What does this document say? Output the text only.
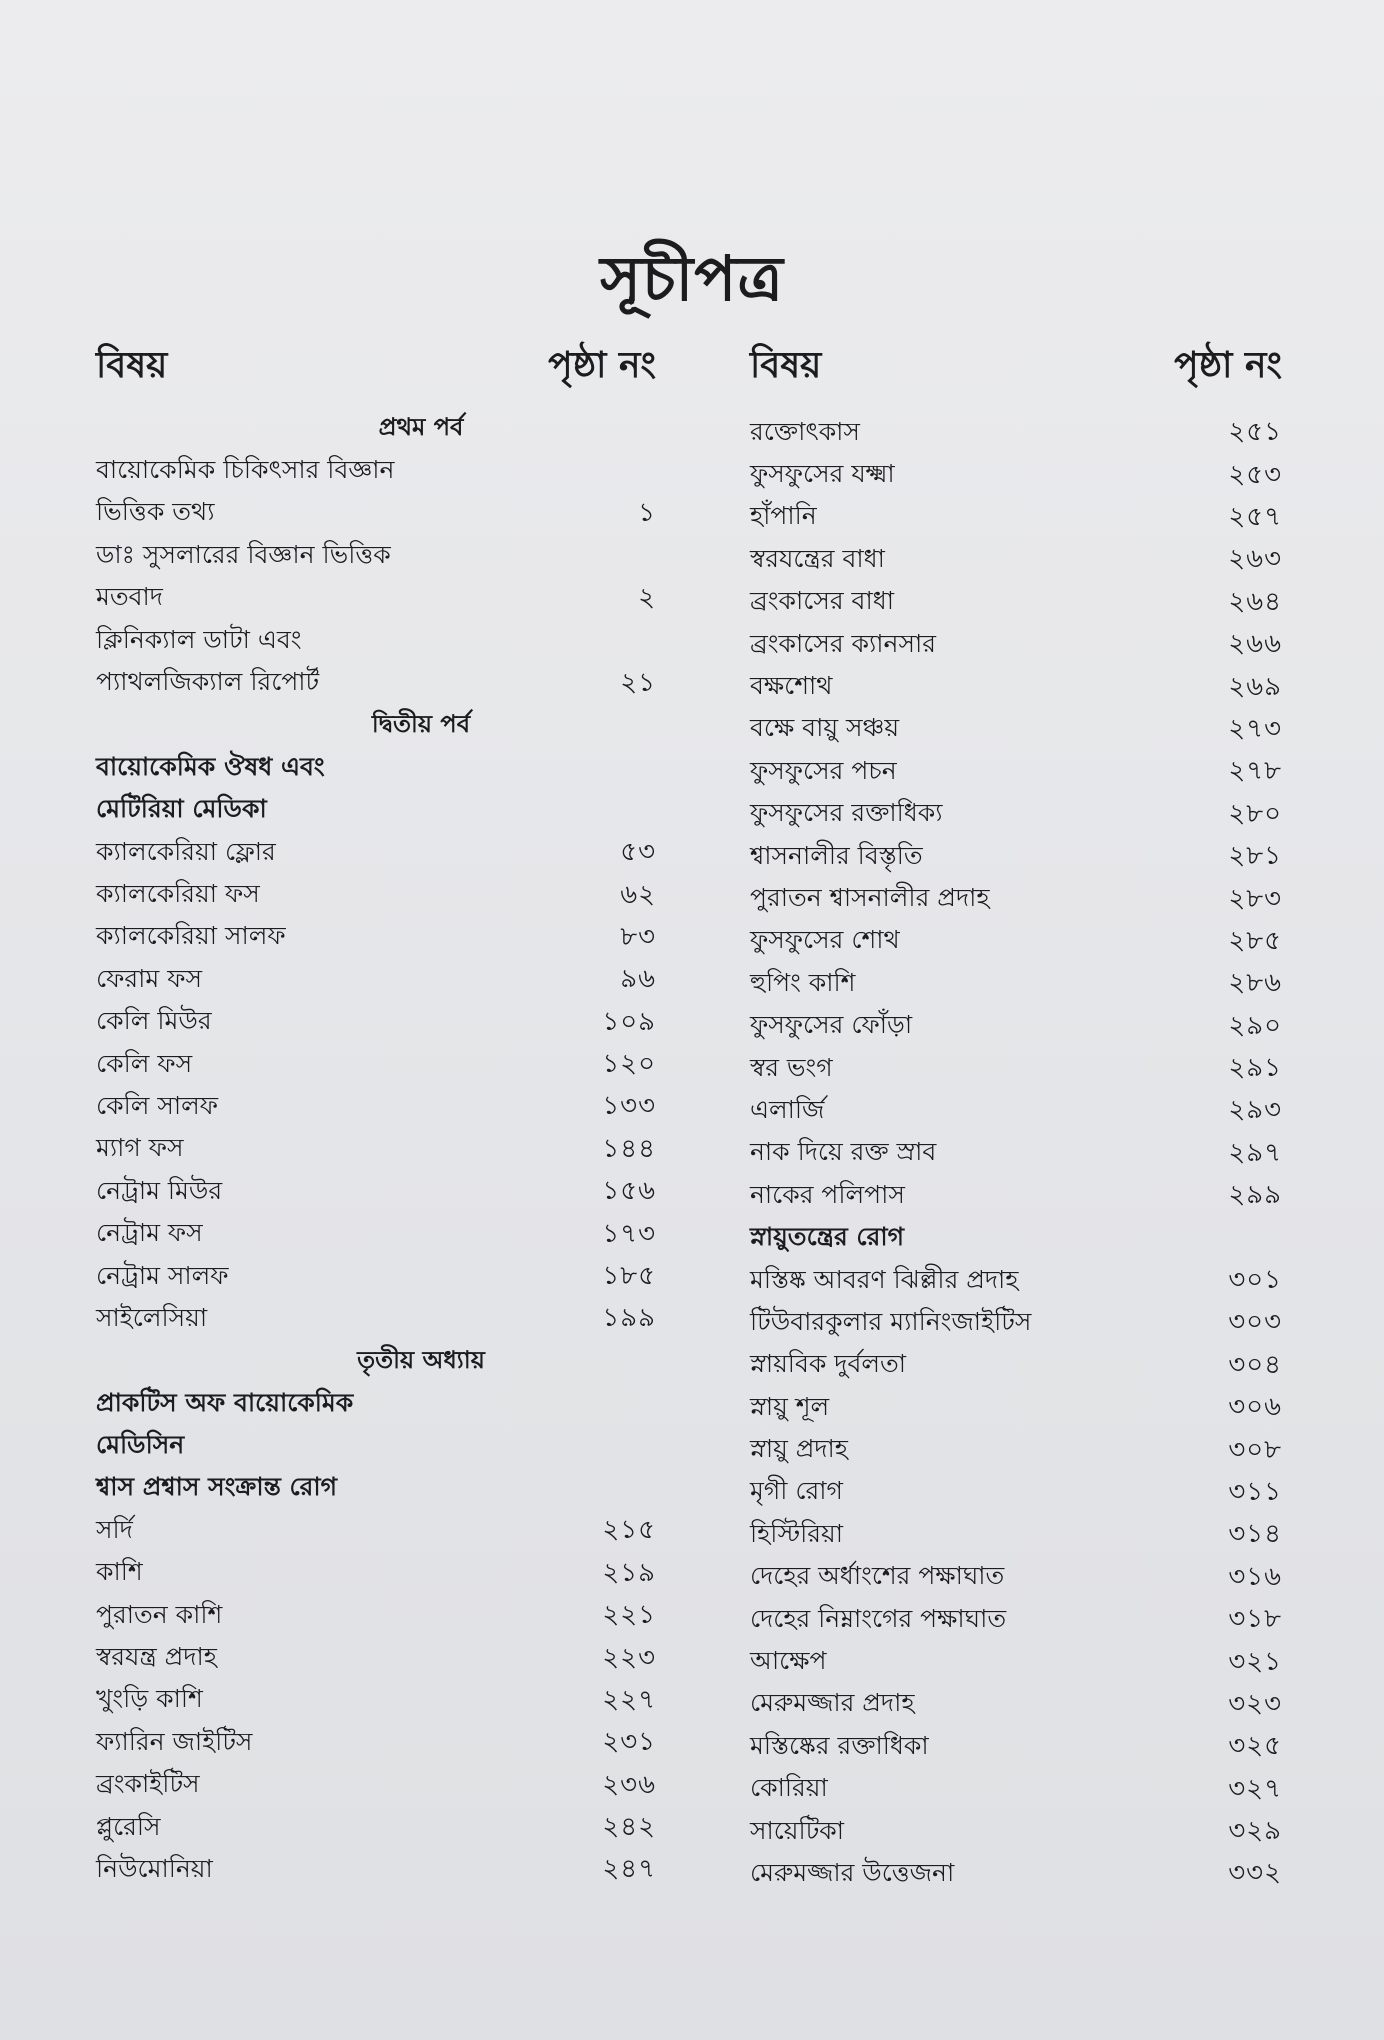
সূচীপত্র
বিষয়	পৃষ্ঠা নং
প্রথম পর্ব
বায়োকেমিক চিকিৎসার বিজ্ঞান
ভিত্তিক তথ্য	১
ডাঃ সুসলারের বিজ্ঞান ভিত্তিক
মতবাদ	২
ক্লিনিক্যাল ডাটা এবং
প্যাথলজিক্যাল রিপোর্ট	২১
দ্বিতীয় পর্ব
বায়োকেমিক ঔষধ এবং
মেটিরিয়া মেডিকা
ক্যালকেরিয়া ফ্লোর	৫৩
ক্যালকেরিয়া ফস	৬২
ক্যালকেরিয়া সালফ	৮৩
ফেরাম ফস	৯৬
কেলি মিউর	১০৯
কেলি ফস	১২০
কেলি সালফ	১৩৩
ম্যাগ ফস	১৪৪
নেট্রাম মিউর	১৫৬
নেট্রাম ফস	১৭৩
নেট্রাম সালফ	১৮৫
সাইলেসিয়া	১৯৯
তৃতীয় অধ্যায়
প্রাকটিস অফ বায়োকেমিক
মেডিসিন
শ্বাস প্রশ্বাস সংক্রান্ত রোগ
সর্দি	২১৫
কাশি	২১৯
পুরাতন কাশি	২২১
স্বরযন্ত্র প্রদাহ	২২৩
খুংড়ি কাশি	২২৭
ফ্যারিন জাইটিস	২৩১
ব্রংকাইটিস	২৩৬
প্লুরেসি	২৪২
নিউমোনিয়া	২৪৭
বিষয়	পৃষ্ঠা নং
রক্তোৎকাস	২৫১
ফুসফুসের যক্ষ্মা	২৫৩
হাঁপানি	২৫৭
স্বরযন্ত্রের বাধা	২৬৩
ব্রংকাসের বাধা	২৬৪
ব্রংকাসের ক্যানসার	২৬৬
বক্ষশোথ	২৬৯
বক্ষে বায়ু সঞ্চয়	২৭৩
ফুসফুসের পচন	২৭৮
ফুসফুসের রক্তাধিক্য	২৮০
শ্বাসনালীর বিস্তৃতি	২৮১
পুরাতন শ্বাসনালীর প্রদাহ	২৮৩
ফুসফুসের শোথ	২৮৫
হুপিং কাশি	২৮৬
ফুসফুসের ফোঁড়া	২৯০
স্বর ভংগ	২৯১
এলার্জি	২৯৩
নাক দিয়ে রক্ত স্রাব	২৯৭
নাকের পলিপাস	২৯৯
স্নায়ুতন্ত্রের রোগ
মস্তিষ্ক আবরণ ঝিল্লীর প্রদাহ	৩০১
টিউবারকুলার ম্যানিংজাইটিস	৩০৩
স্নায়বিক দুর্বলতা	৩০৪
স্নায়ু শূল	৩০৬
স্নায়ু প্রদাহ	৩০৮
মৃগী রোগ	৩১১
হিস্টিরিয়া	৩১৪
দেহের অর্ধাংশের পক্ষাঘাত	৩১৬
দেহের নিম্নাংগের পক্ষাঘাত	৩১৮
আক্ষেপ	৩২১
মেরুমজ্জার প্রদাহ	৩২৩
মস্তিষ্কের রক্তাধিকা	৩২৫
কোরিয়া	৩২৭
সায়েটিকা	৩২৯
মেরুমজ্জার উত্তেজনা	৩৩২
